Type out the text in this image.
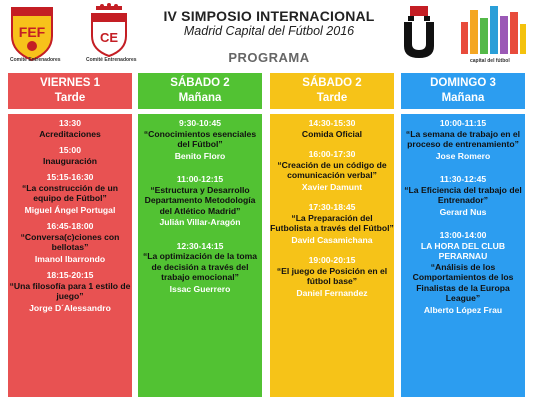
FEF
Comité Entrenadores
CE
Comité Entrenadores
IV SIMPOSIO INTERNACIONAL
Madrid Capital del Fútbol 2016
PROGRAMA	capital del fútbol
VIERNES 1
Tarde
13:30
Acreditaciones
15:00
Inauguración
15:15-16:30
“La construcción de un equipo de Fútbol”
Miguel Ángel Portugal
16:45-18:00
“Conversa(c)ciones con bellotas”
Imanol Ibarrondo
18:15-20:15
“Una filosofía para 1 estilo de juego”
Jorge D´Alessandro
SÁBADO 2
Mañana
9:30-10:45
“Conocimientos esenciales del Fútbol”
Benito Floro
11:00-12:15
“Estructura y Desarrollo Departamento Metodología del Atlético Madrid”
Julián Villar-Aragón
12:30-14:15
“La optimización de la toma de decisión a través del trabajo emocional”
Issac Guerrero
SÁBADO 2
Tarde
14:30-15:30
Comida Oficial
16:00-17:30
“Creación de un código de comunicación verbal”
Xavier Damunt
17:30-18:45
“La Preparación del Futbolista a través del Fútbol”
David Casamichana
19:00-20:15
“El juego de Posición en el fútbol base”
Daniel Fernandez
DOMINGO 3
Mañana
10:00-11:15
“La semana de trabajo en el proceso de entrenamiento”
Jose Romero
11:30-12:45
“La Eficiencia del trabajo del Entrenador”
Gerard Nus
13:00-14:00
LA HORA DEL CLUB PERARNAU
“Análisis de los Comportamientos de los Finalistas de la Europa League”
Alberto López Frau
